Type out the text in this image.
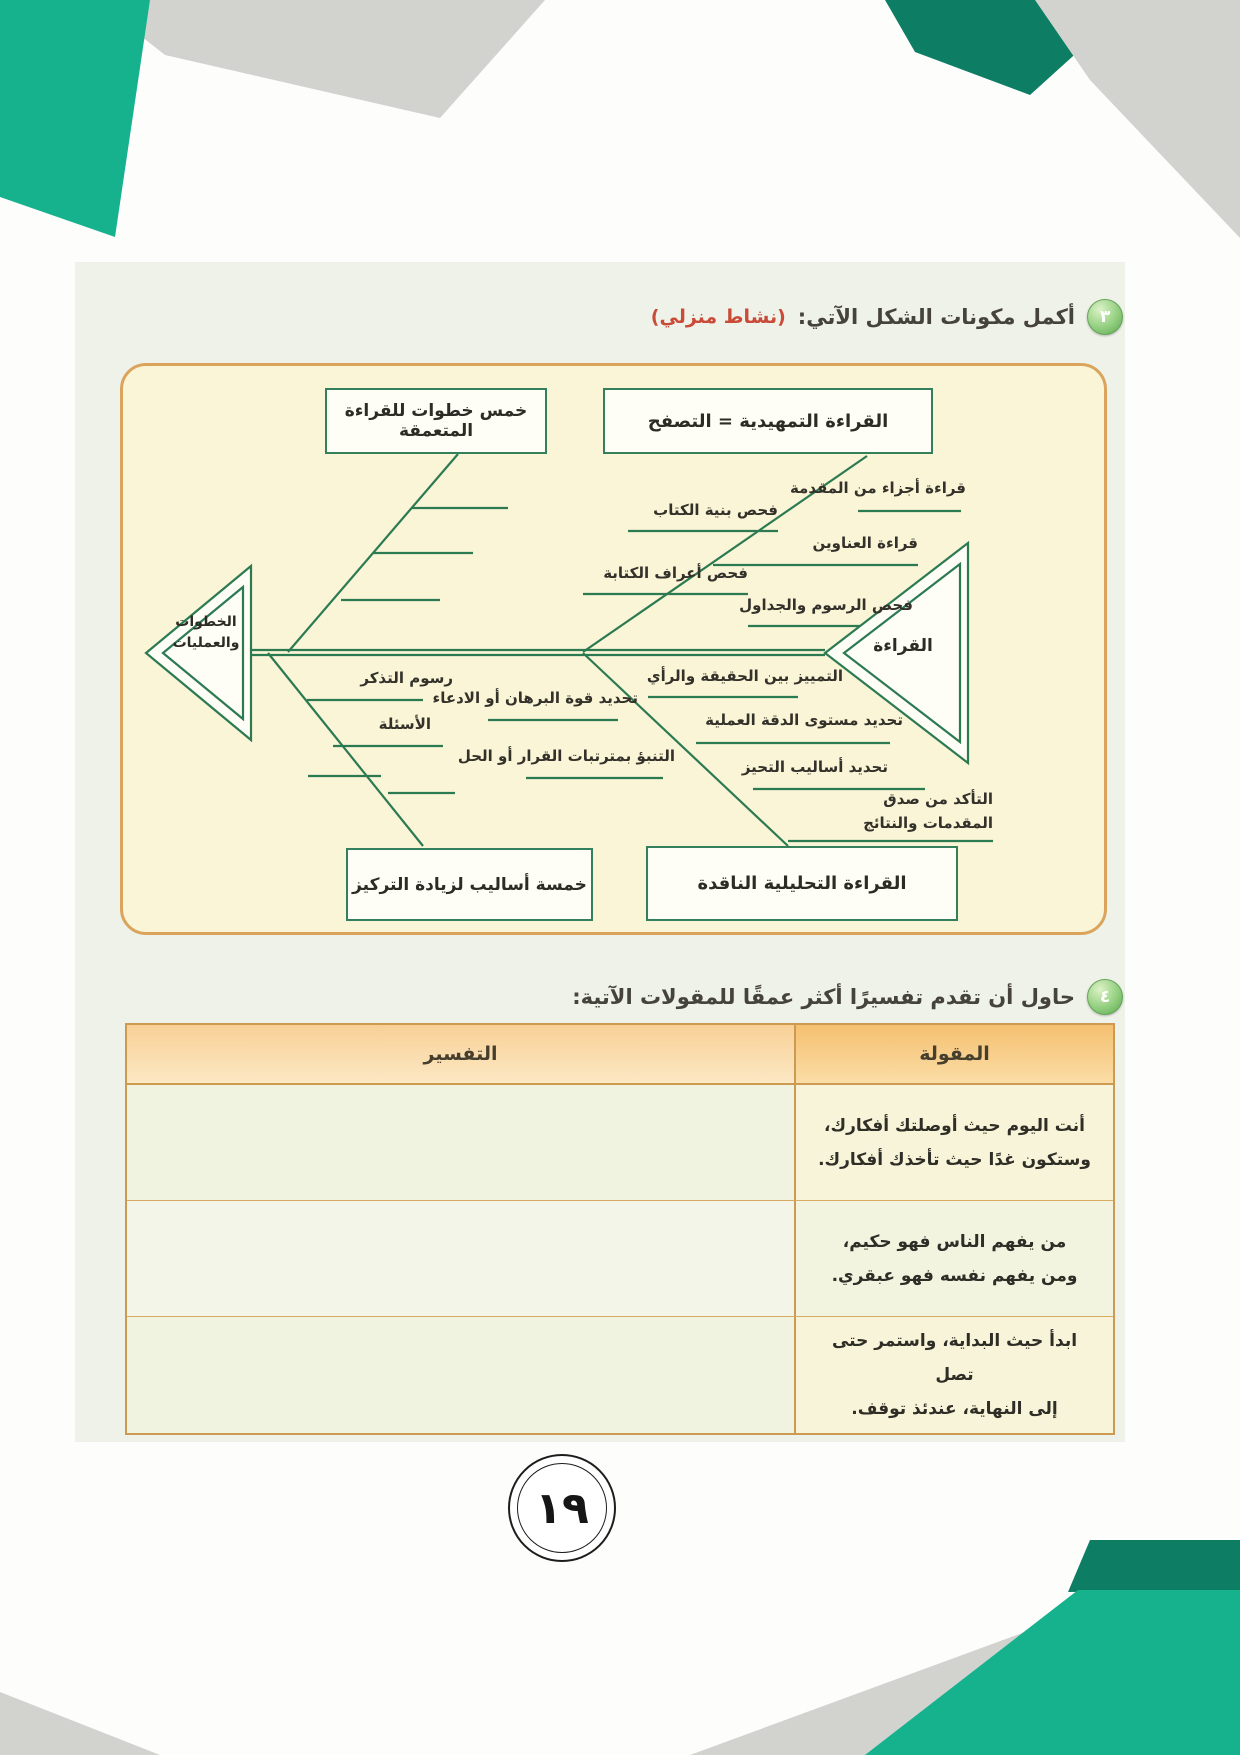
٣
أكمل مكونات الشكل الآتي:
(نشاط منزلي)
خمس خطوات للقراءة المتعمقة	القراءة التمهيدية = التصفح
خمسة أساليب لزيادة التركيز	القراءة التحليلية الناقدة
القراءة
الخطوات
والعمليات
قراءة أجزاء من المقدمة
فحص بنية الكتاب
قراءة العناوين
فحص أعراف الكتابة
فحص الرسوم والجداول
التمييز بين الحقيقة والرأي
تحديد قوة البرهان أو الادعاء
تحديد مستوى الدقة العملية
التنبؤ بمترتبات القرار أو الحل
تحديد أساليب التحيز
التأكد من صدق
المقدمات والنتائج
رسوم التذكر
الأسئلة
٤
حاول أن تقدم تفسيرًا أكثر عمقًا للمقولات الآتية:
المقولة
التفسير
أنت اليوم حيث أوصلتك أفكارك،
وستكون غدًا حيث تأخذك أفكارك.
من يفهم الناس فهو حكيم،
ومن يفهم نفسه فهو عبقري.
ابدأ حيث البداية، واستمر حتى تصل
إلى النهاية، عندئذ توقف.
١٩
